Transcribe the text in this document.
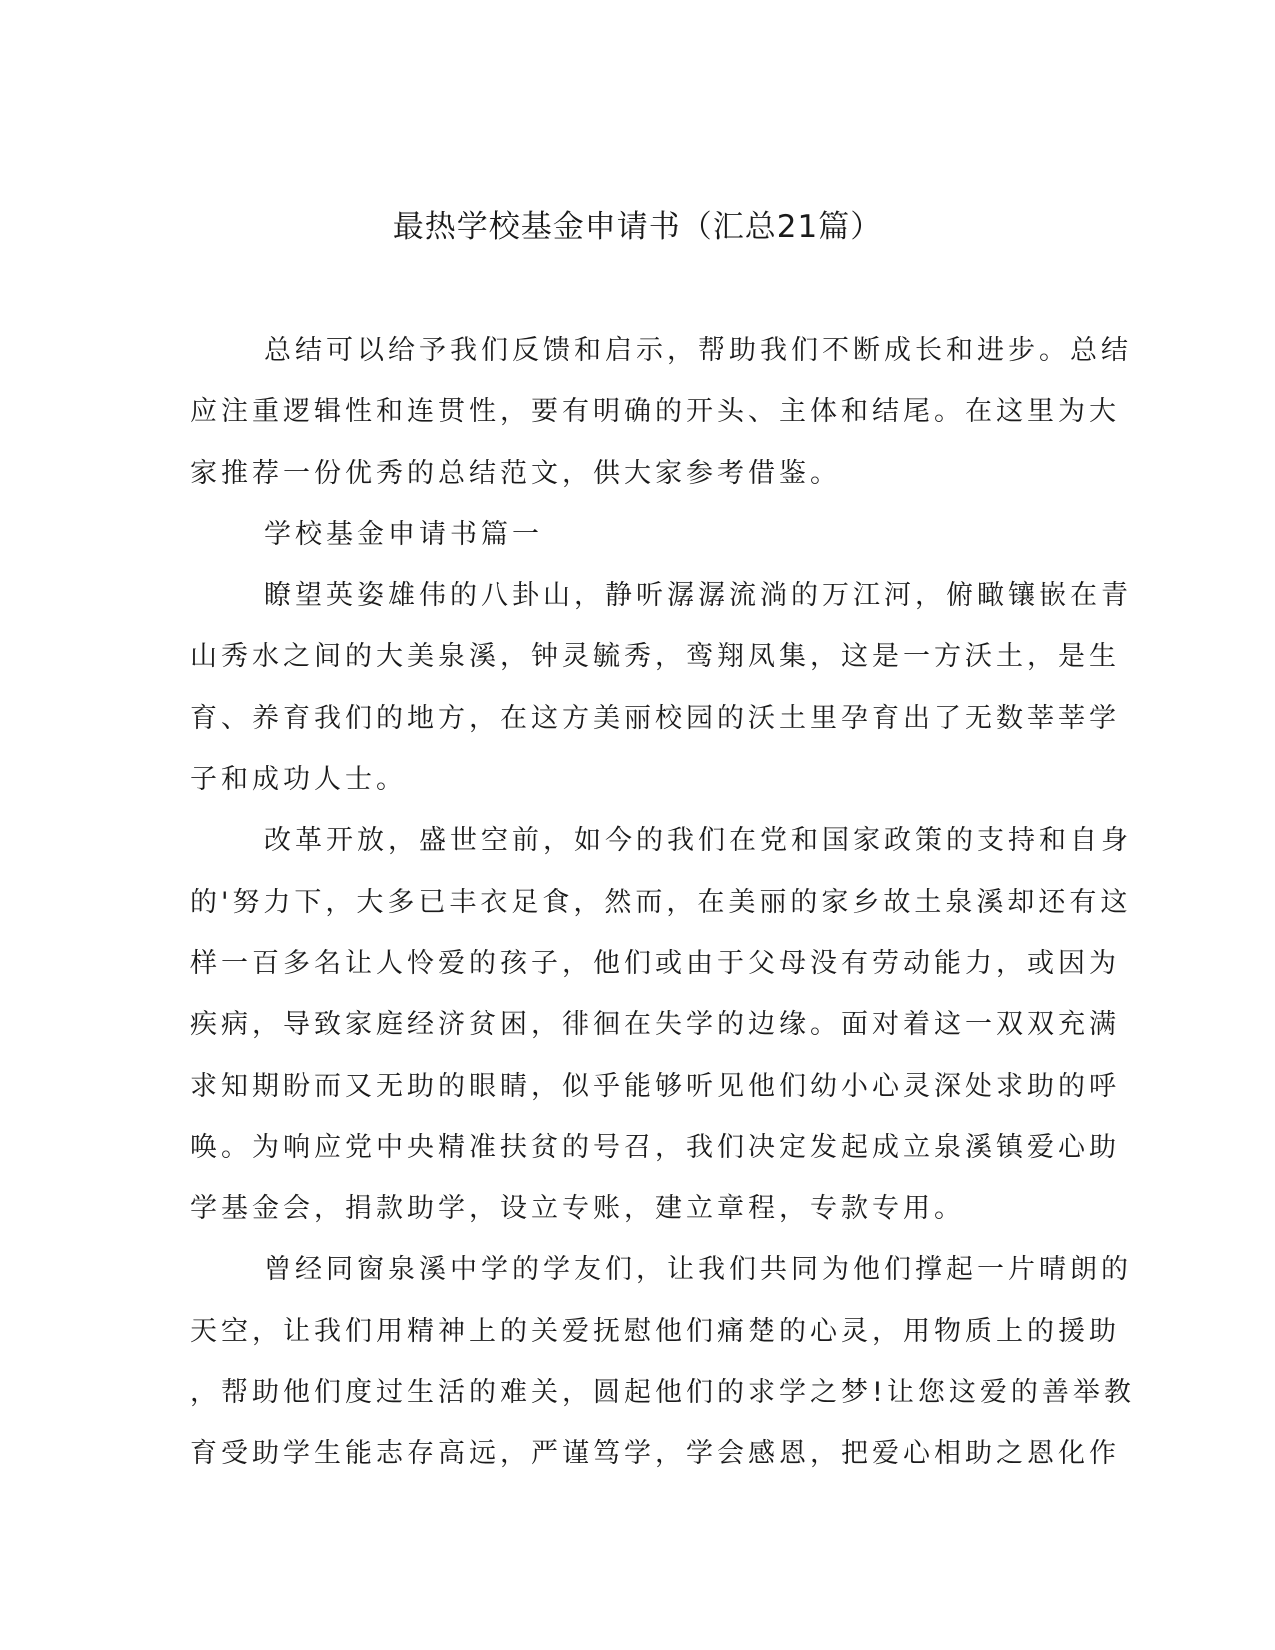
最热学校基金申请书（汇总21篇）
总结可以给予我们反馈和启示，帮助我们不断成长和进步。总结
应注重逻辑性和连贯性，要有明确的开头、主体和结尾。在这里为大
家推荐一份优秀的总结范文，供大家参考借鉴。
学校基金申请书篇一
瞭望英姿雄伟的八卦山，静听潺潺流淌的万江河，俯瞰镶嵌在青
山秀水之间的大美泉溪，钟灵毓秀，鸾翔凤集，这是一方沃土，是生
育、养育我们的地方，在这方美丽校园的沃土里孕育出了无数莘莘学
子和成功人士。
改革开放，盛世空前，如今的我们在党和国家政策的支持和自身
的'努力下，大多已丰衣足食，然而，在美丽的家乡故土泉溪却还有这
样一百多名让人怜爱的孩子，他们或由于父母没有劳动能力，或因为
疾病，导致家庭经济贫困，徘徊在失学的边缘。面对着这一双双充满
求知期盼而又无助的眼睛，似乎能够听见他们幼小心灵深处求助的呼
唤。为响应党中央精准扶贫的号召，我们决定发起成立泉溪镇爱心助
学基金会，捐款助学，设立专账，建立章程，专款专用。
曾经同窗泉溪中学的学友们，让我们共同为他们撑起一片晴朗的
天空，让我们用精神上的关爱抚慰他们痛楚的心灵，用物质上的援助
，帮助他们度过生活的难关，圆起他们的求学之梦!让您这爱的善举教
育受助学生能志存高远，严谨笃学，学会感恩，把爱心相助之恩化作
